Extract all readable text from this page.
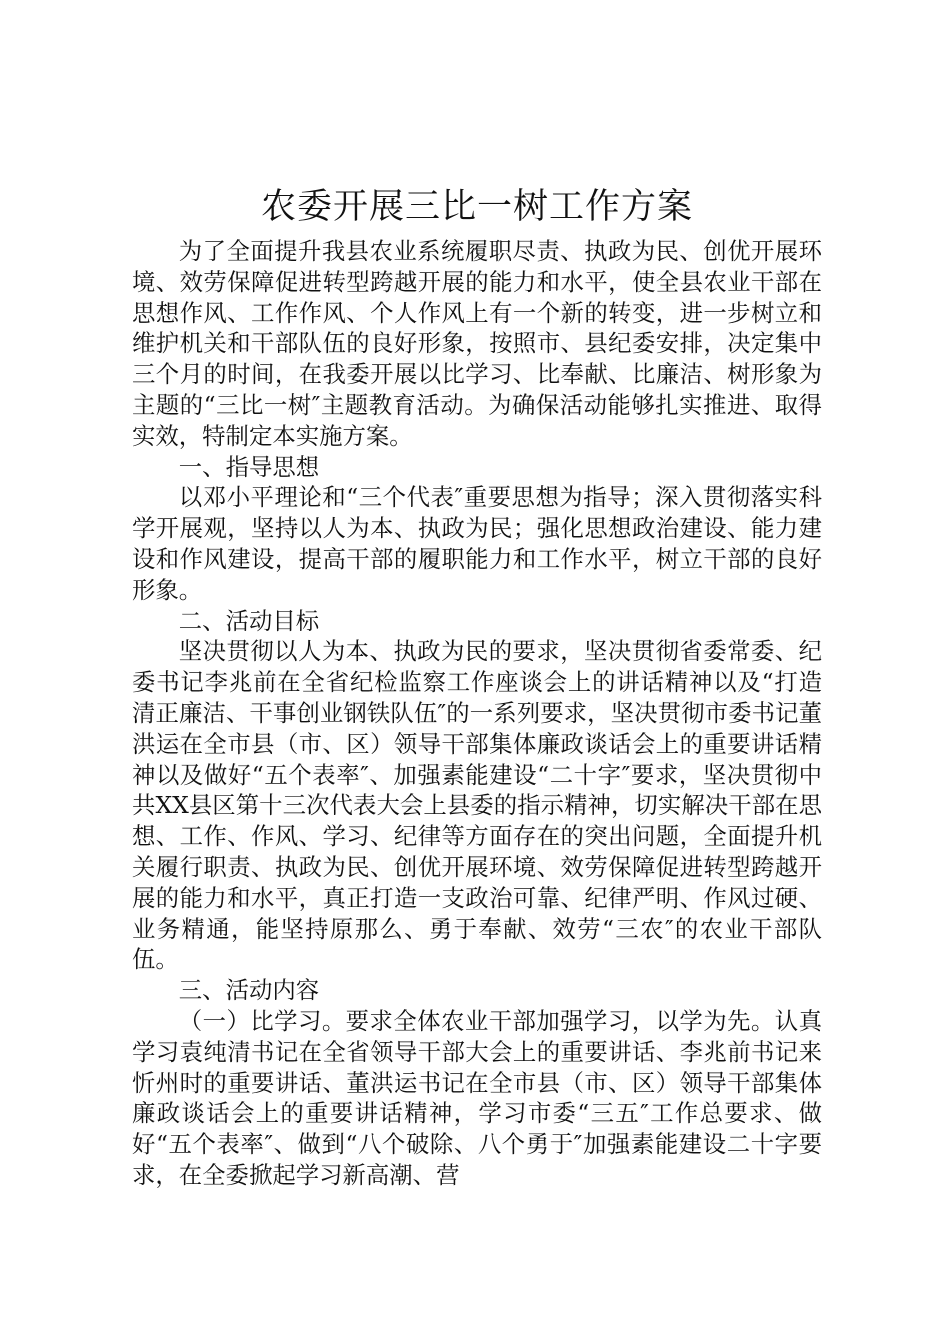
农委开展三比一树工作方案

为了全面提升我县农业系统履职尽责、执政为民、创优开展环境、效劳保障促进转型跨越开展的能力和水平，使全县农业干部在思想作风、工作作风、个人作风上有一个新的转变，进一步树立和维护机关和干部队伍的良好形象，按照市、县纪委安排，决定集中三个月的时间，在我委开展以比学习、比奉献、比廉洁、树形象为主题的“三比一树″主题教育活动。为确保活动能够扎实推进、取得实效，特制定本实施方案。

一、指导思想

以邓小平理论和“三个代表″重要思想为指导；深入贯彻落实科学开展观，坚持以人为本、执政为民；强化思想政治建设、能力建设和作风建设，提高干部的履职能力和工作水平，树立干部的良好形象。

二、活动目标

坚决贯彻以人为本、执政为民的要求，坚决贯彻省委常委、纪委书记李兆前在全省纪检监察工作座谈会上的讲话精神以及“打造清正廉洁、干事创业钢铁队伍″的一系列要求，坚决贯彻市委书记董洪运在全市县（市、区）领导干部集体廉政谈话会上的重要讲话精神以及做好“五个表率″、加强素能建设“二十字″要求，坚决贯彻中共XX县区第十三次代表大会上县委的指示精神，切实解决干部在思想、工作、作风、学习、纪律等方面存在的突出问题，全面提升机关履行职责、执政为民、创优开展环境、效劳保障促进转型跨越开展的能力和水平，真正打造一支政治可靠、纪律严明、作风过硬、业务精通，能坚持原那么、勇于奉献、效劳“三农″的农业干部队伍。

三、活动内容

（一）比学习。要求全体农业干部加强学习，以学为先。认真学习袁纯清书记在全省领导干部大会上的重要讲话、李兆前书记来忻州时的重要讲话、董洪运书记在全市县（市、区）领导干部集体廉政谈话会上的重要讲话精神，学习市委“三五″工作总要求、做好“五个表率″、做到“八个破除、八个勇于″加强素能建设二十字要求，在全委掀起学习新高潮、营
